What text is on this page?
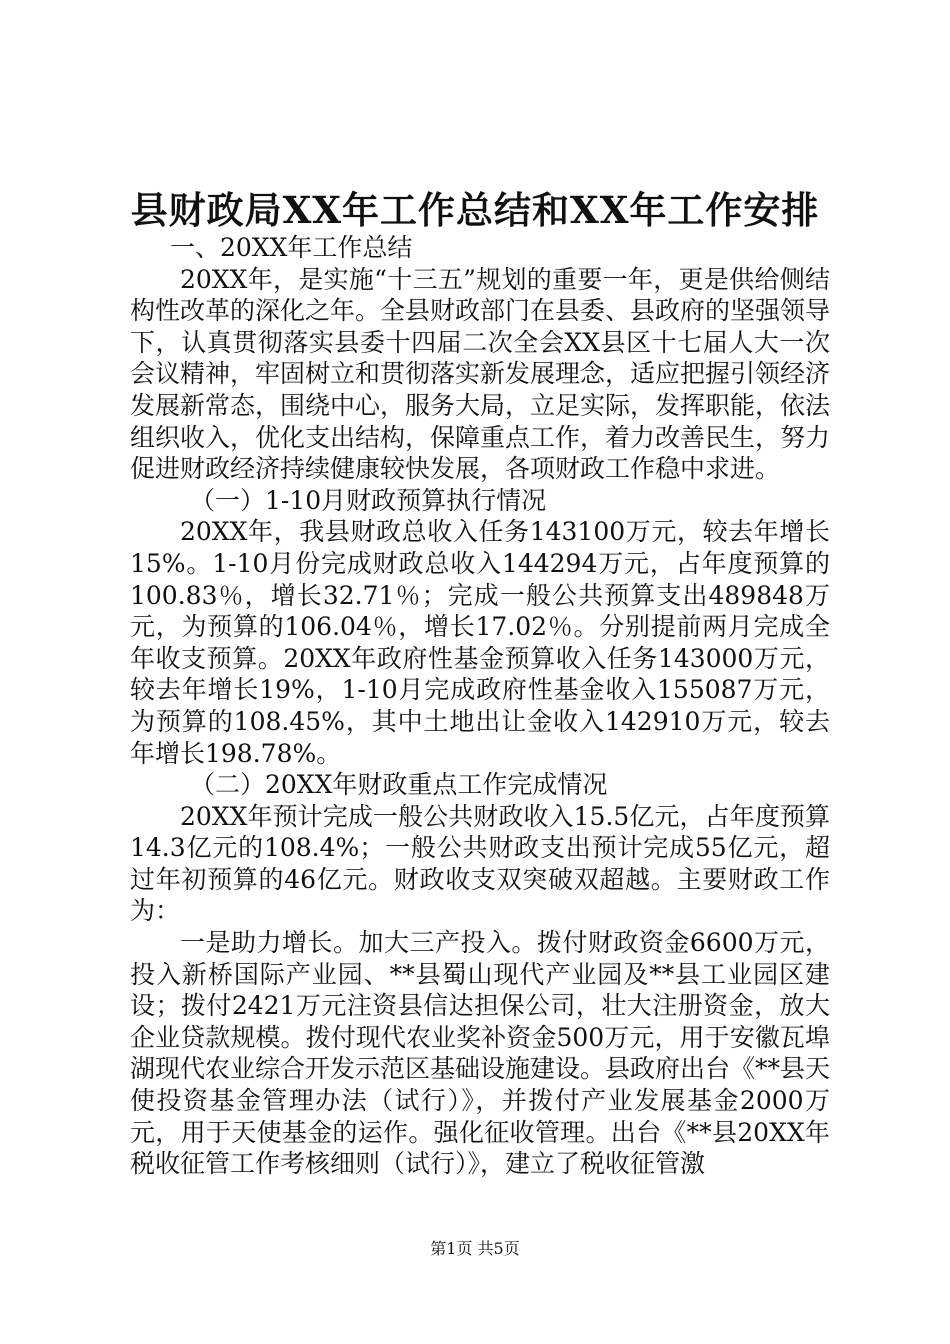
县财政局XX年工作总结和XX年工作安排

一、20XX年工作总结

20XX年，是实施“十三五”规划的重要一年，更是供给侧结构性改革的深化之年。全县财政部门在县委、县政府的坚强领导下，认真贯彻落实县委十四届二次全会XX县区十七届人大一次会议精神，牢固树立和贯彻落实新发展理念，适应把握引领经济发展新常态，围绕中心，服务大局，立足实际，发挥职能，依法组织收入，优化支出结构，保障重点工作，着力改善民生，努力促进财政经济持续健康较快发展，各项财政工作稳中求进。

（一）1-10月财政预算执行情况

20XX年，我县财政总收入任务143100万元，较去年增长15%。1-10月份完成财政总收入144294万元，占年度预算的100.83％，增长32.71％；完成一般公共预算支出489848万元，为预算的106.04％，增长17.02％。分别提前两月完成全年收支预算。20XX年政府性基金预算收入任务143000万元，较去年增长19%，1-10月完成政府性基金收入155087万元，为预算的108.45%，其中土地出让金收入142910万元，较去年增长198.78%。

（二）20XX年财政重点工作完成情况

20XX年预计完成一般公共财政收入15.5亿元，占年度预算14.3亿元的108.4%；一般公共财政支出预计完成55亿元，超过年初预算的46亿元。财政收支双突破双超越。主要财政工作为：

一是助力增长。加大三产投入。拨付财政资金6600万元，投入新桥国际产业园、**县蜀山现代产业园及**县工业园区建设；拨付2421万元注资县信达担保公司，壮大注册资金，放大企业贷款规模。拨付现代农业奖补资金500万元，用于安徽瓦埠湖现代农业综合开发示范区基础设施建设。县政府出台《**县天使投资基金管理办法（试行）》，并拨付产业发展基金2000万元，用于天使基金的运作。强化征收管理。出台《**县20XX年税收征管工作考核细则（试行）》，建立了税收征管激

第1页 共5页
